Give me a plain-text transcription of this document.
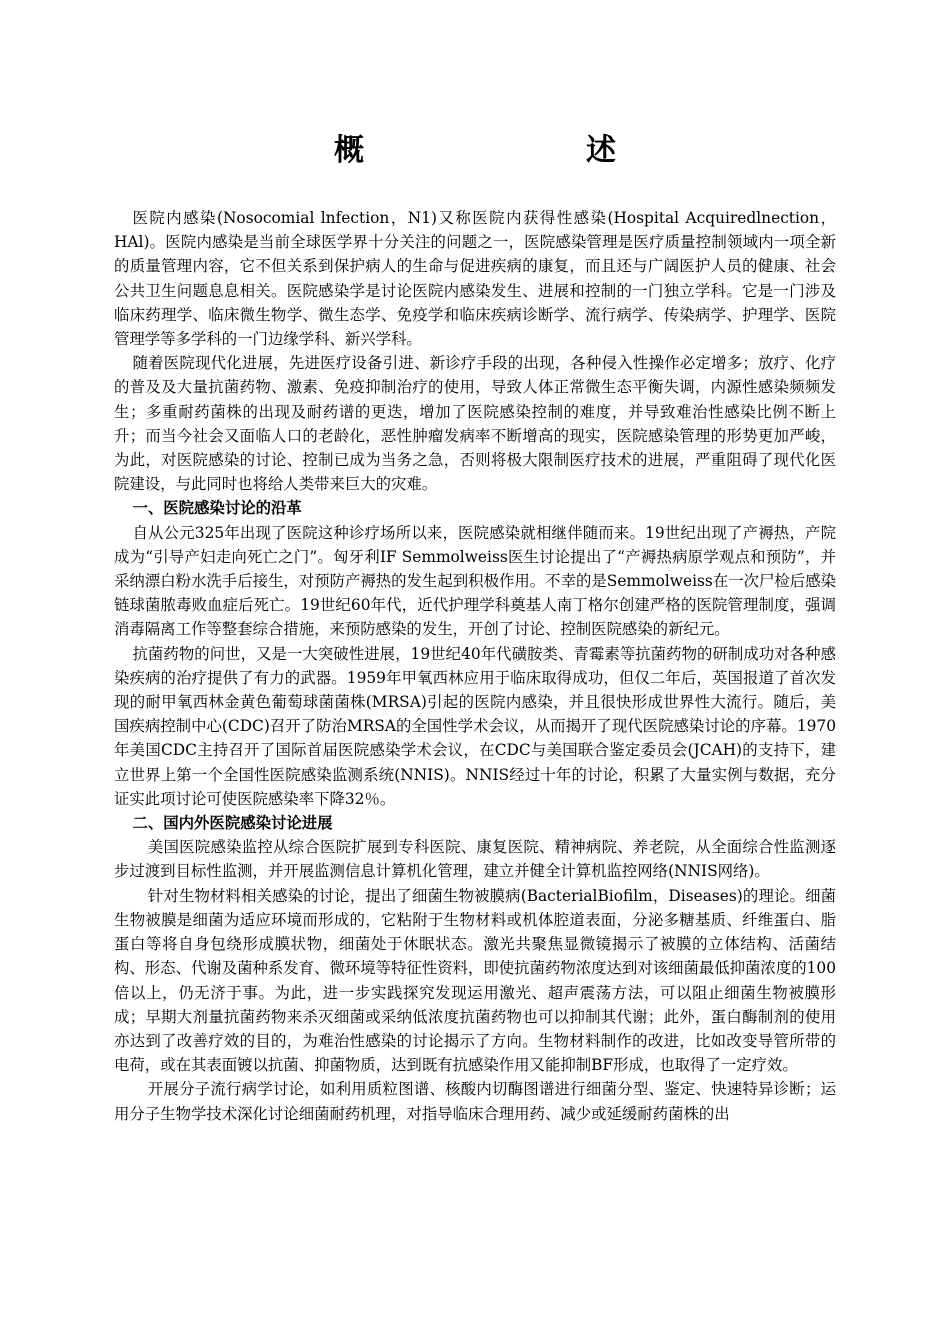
概　　述

医院内感染(Nosocomial lnfection，N1)又称医院内获得性感染(Hospital Acquiredlnection，HAl)。医院内感染是当前全球医学界十分关注的问题之一，医院感染管理是医疗质量控制领域内一项全新的质量管理内容，它不但关系到保护病人的生命与促进疾病的康复，而且还与广阔医护人员的健康、社会公共卫生问题息息相关。医院感染学是讨论医院内感染发生、进展和控制的一门独立学科。它是一门涉及临床药理学、临床微生物学、微生态学、免疫学和临床疾病诊断学、流行病学、传染病学、护理学、医院管理学等多学科的一门边缘学科、新兴学科。

随着医院现代化进展，先进医疗设备引进、新诊疗手段的出现，各种侵入性操作必定增多；放疗、化疗的普及及大量抗菌药物、激素、免疫抑制治疗的使用，导致人体正常微生态平衡失调，内源性感染频频发生；多重耐药菌株的出现及耐药谱的更迭，增加了医院感染控制的难度，并导致难治性感染比例不断上升；而当今社会又面临人口的老龄化，恶性肿瘤发病率不断增高的现实，医院感染管理的形势更加严峻，为此，对医院感染的讨论、控制已成为当务之急，否则将极大限制医疗技术的进展，严重阻碍了现代化医院建设，与此同时也将给人类带来巨大的灾难。

一、医院感染讨论的沿革

自从公元325年出现了医院这种诊疗场所以来，医院感染就相继伴随而来。19世纪出现了产褥热，产院成为“引导产妇走向死亡之门”。匈牙利IF Semmolweiss医生讨论提出了“产褥热病原学观点和预防”，并采纳漂白粉水洗手后接生，对预防产褥热的发生起到积极作用。不幸的是Semmolweiss在一次尸检后感染链球菌脓毒败血症后死亡。19世纪60年代，近代护理学科奠基人南丁格尔创建严格的医院管理制度，强调消毒隔离工作等整套综合措施，来预防感染的发生，开创了讨论、控制医院感染的新纪元。

抗菌药物的问世，又是一大突破性进展，19世纪40年代磺胺类、青霉素等抗菌药物的研制成功对各种感染疾病的治疗提供了有力的武器。1959年甲氧西林应用于临床取得成功，但仅二年后，英国报道了首次发现的耐甲氧西林金黄色葡萄球菌菌株(MRSA)引起的医院内感染，并且很快形成世界性大流行。随后，美国疾病控制中心(CDC)召开了防治MRSA的全国性学术会议，从而揭开了现代医院感染讨论的序幕。1970年美国CDC主持召开了国际首届医院感染学术会议，在CDC与美国联合鉴定委员会(JCAH)的支持下，建立世界上第一个全国性医院感染监测系统(NNIS)。NNIS经过十年的讨论，积累了大量实例与数据，充分证实此项讨论可使医院感染率下降32％。

二、国内外医院感染讨论进展

美国医院感染监控从综合医院扩展到专科医院、康复医院、精神病院、养老院，从全面综合性监测逐步过渡到目标性监测，并开展监测信息计算机化管理，建立并健全计算机监控网络(NNIS网络)。

针对生物材料相关感染的讨论，提出了细菌生物被膜病(BacterialBiofilm，Diseases)的理论。细菌生物被膜是细菌为适应环境而形成的，它粘附于生物材料或机体腔道表面，分泌多糖基质、纤维蛋白、脂蛋白等将自身包绕形成膜状物，细菌处于休眠状态。激光共聚焦显微镜揭示了被膜的立体结构、活菌结构、形态、代谢及菌种系发育、微环境等特征性资料，即使抗菌药物浓度达到对该细菌最低抑菌浓度的100倍以上，仍无济于事。为此，进一步实践探究发现运用激光、超声震荡方法，可以阻止细菌生物被膜形成；早期大剂量抗菌药物来杀灭细菌或采纳低浓度抗菌药物也可以抑制其代谢；此外，蛋白酶制剂的使用亦达到了改善疗效的目的，为难治性感染的讨论揭示了方向。生物材料制作的改进，比如改变导管所带的电荷，或在其表面镀以抗菌、抑菌物质，达到既有抗感染作用又能抑制BF形成，也取得了一定疗效。

开展分子流行病学讨论，如利用质粒图谱、核酸内切酶图谱进行细菌分型、鉴定、快速特异诊断；运用分子生物学技术深化讨论细菌耐药机理，对指导临床合理用药、减少或延缓耐药菌株的出
